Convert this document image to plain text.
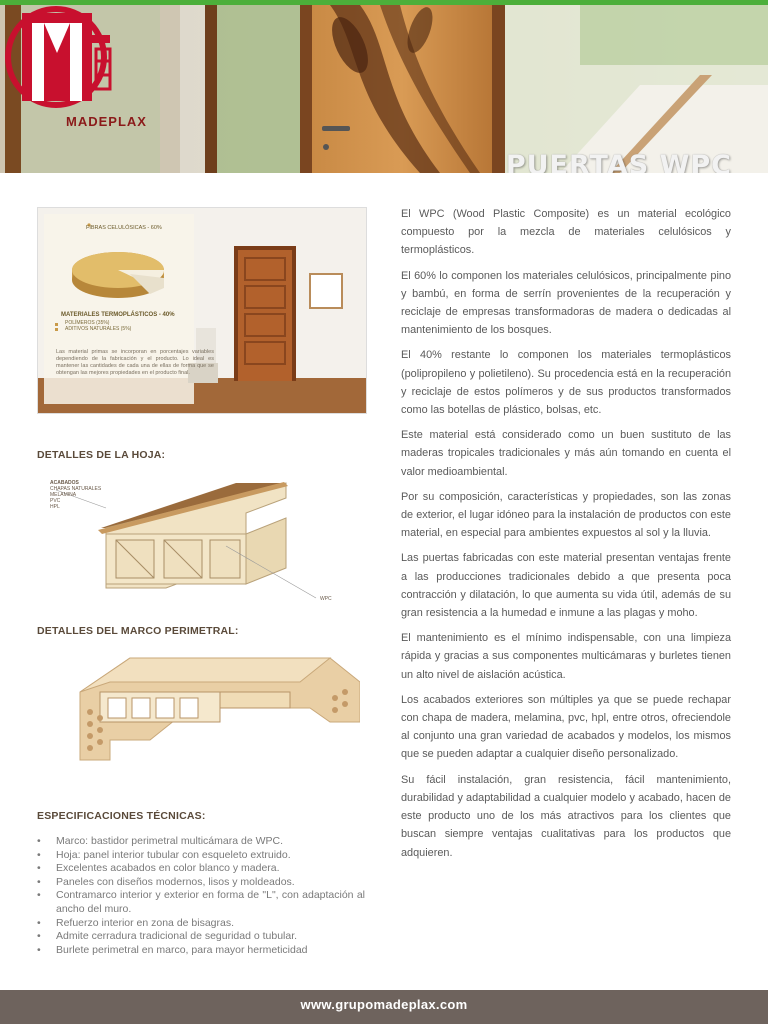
MADEPLAX
PUERTAS WPC
FIBRAS CELULÓSICAS - 60%
MATERIALES TERMOPLÁSTICOS - 40%
POLÍMEROS (35%)
ADITIVOS NATURALES (5%)
Las material primas se incorporan en porcentajes variables dependiendo de la fabricación y el producto. Lo ideal es mantener las cantidades de cada una de ellas de forma que se obtengan las mejores propiedades en el producto final.
DETALLES DE LA HOJA:
ACABADOS
CHAPAS NATURALES
MELAMINA
PVC
HPL
WPC
DETALLES DEL MARCO PERIMETRAL:
ESPECIFICACIONES TÉCNICAS:
• Marco: bastidor perimetral multicámara de WPC.
• Hoja: panel interior tubular con esqueleto extruido.
• Excelentes acabados en color blanco y madera.
• Paneles con diseños modernos, lisos y moldeados.
• Contramarco interior y exterior en forma de "L", con adaptación al ancho del muro.
• Refuerzo interior en zona de bisagras.
• Admite cerradura tradicional de seguridad o tubular.
• Burlete perimetral en marco, para mayor hermeticidad

El WPC (Wood Plastic Composite) es un material ecológico compuesto por la mezcla de materiales celulósicos y termoplásticos.

El 60% lo componen los materiales celulósicos, principalmente pino y bambú, en forma de serrín provenientes de la recuperación y reciclaje de empresas transformadoras de madera o dedicadas al mantenimiento de los bosques.

El 40% restante lo componen los materiales termoplásticos (polipropileno y polietileno). Su procedencia está en la recuperación y reciclaje de estos polímeros y de sus productos transformados como las botellas de plástico, bolsas, etc.

Este material está considerado como un buen sustituto de las maderas tropicales tradicionales y más aún tomando en cuenta el valor medioambiental.

Por su composición, características y propiedades, son las zonas de exterior, el lugar idóneo para la instalación de productos con este material, en especial para ambientes expuestos al sol y la lluvia.

Las puertas fabricadas con este material presentan ventajas frente a las producciones tradicionales debido a que presenta poca contracción y dilatación, lo que aumenta su vida útil, además de su gran resistencia a la humedad e inmune a las plagas y moho.

El mantenimiento es el mínimo indispensable, con una limpieza rápida y gracias a sus componentes multicámaras y burletes tienen un alto nivel de aislación acústica.

Los acabados exteriores son múltiples ya que se puede rechapar con chapa de madera, melamina, pvc, hpl, entre otros, ofreciendole al conjunto una gran variedad de acabados y modelos, los mismos que se pueden adaptar a cualquier diseño personalizado.

Su fácil instalación, gran resistencia, fácil mantenimiento, durabilidad y adaptabilidad a cualquier modelo y acabado, hacen de este producto uno de los más atractivos para los clientes que buscan siempre ventajas cualitativas para los productos que adquieren.

www.grupomadeplax.com
